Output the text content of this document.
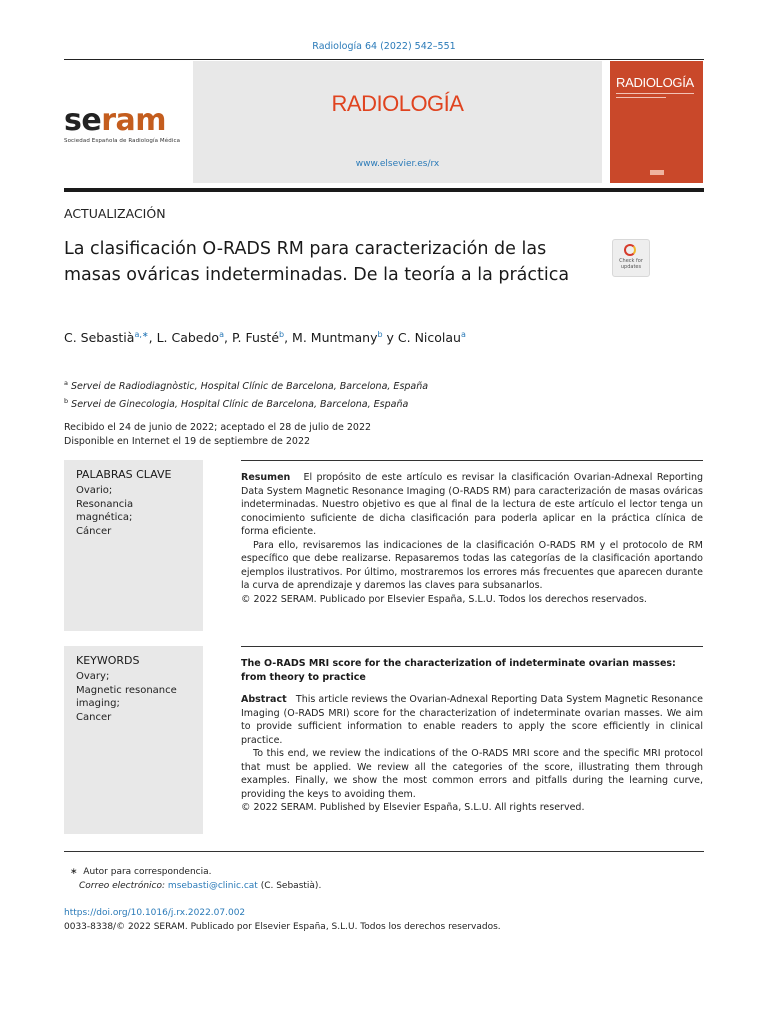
Radiología 64 (2022) 542–551
seram
Sociedad Española de Radiología Médica
RADIOLOGÍA
www.elsevier.es/rx
RADIOLOGÍA
ACTUALIZACIÓN
La clasificación O-RADS RM para caracterización de las masas ováricas indeterminadas. De la teoría a la práctica
Check for updates
C. Sebastià$^{a,∗}$, L. Cabedo$^a$, P. Fusté$^b$, M. Muntmany$^b$ y C. Nicolau$^a$
$^a$ Servei de Radiodiagnòstic, Hospital Clínic de Barcelona, Barcelona, España
$^b$ Servei de Ginecologia, Hospital Clínic de Barcelona, Barcelona, España
Recibido el 24 de junio de 2022; aceptado el 28 de julio de 2022
Disponible en Internet el 19 de septiembre de 2022
PALABRAS CLAVE
Ovario;
Resonancia
magnética;
Cáncer

Resumen El propósito de este artículo es revisar la clasificación Ovarian-Adnexal Reporting Data System Magnetic Resonance Imaging (O-RADS RM) para caracterización de masas ováricas indeterminadas. Nuestro objetivo es que al final de la lectura de este artículo el lector tenga un conocimiento suficiente de dicha clasificación para poderla aplicar en la práctica clínica de forma eficiente.

Para ello, revisaremos las indicaciones de la clasificación O-RADS RM y el protocolo de RM específico que debe realizarse. Repasaremos todas las categorías de la clasificación aportando ejemplos ilustrativos. Por último, mostraremos los errores más frecuentes que aparecen durante la curva de aprendizaje y daremos las claves para subsanarlos.

© 2022 SERAM. Publicado por Elsevier España, S.L.U. Todos los derechos reservados.

KEYWORDS
Ovary;
Magnetic resonance
imaging;
Cancer
The O-RADS MRI score for the characterization of indeterminate ovarian masses: from theory to practice

Abstract This article reviews the Ovarian-Adnexal Reporting Data System Magnetic Resonance Imaging (O-RADS MRI) score for the characterization of indeterminate ovarian masses. We aim to provide sufficient information to enable readers to apply the score efficiently in clinical practice.

To this end, we review the indications of the O-RADS MRI score and the specific MRI protocol that must be applied. We review all the categories of the score, illustrating them through examples. Finally, we show the most common errors and pitfalls during the learning curve, providing the keys to avoiding them.

© 2022 SERAM. Published by Elsevier España, S.L.U. All rights reserved.

∗ Autor para correspondencia.
Correo electrónico: msebasti@clinic.cat (C. Sebastià).
https://doi.org/10.1016/j.rx.2022.07.002
0033-8338/© 2022 SERAM. Publicado por Elsevier España, S.L.U. Todos los derechos reservados.
